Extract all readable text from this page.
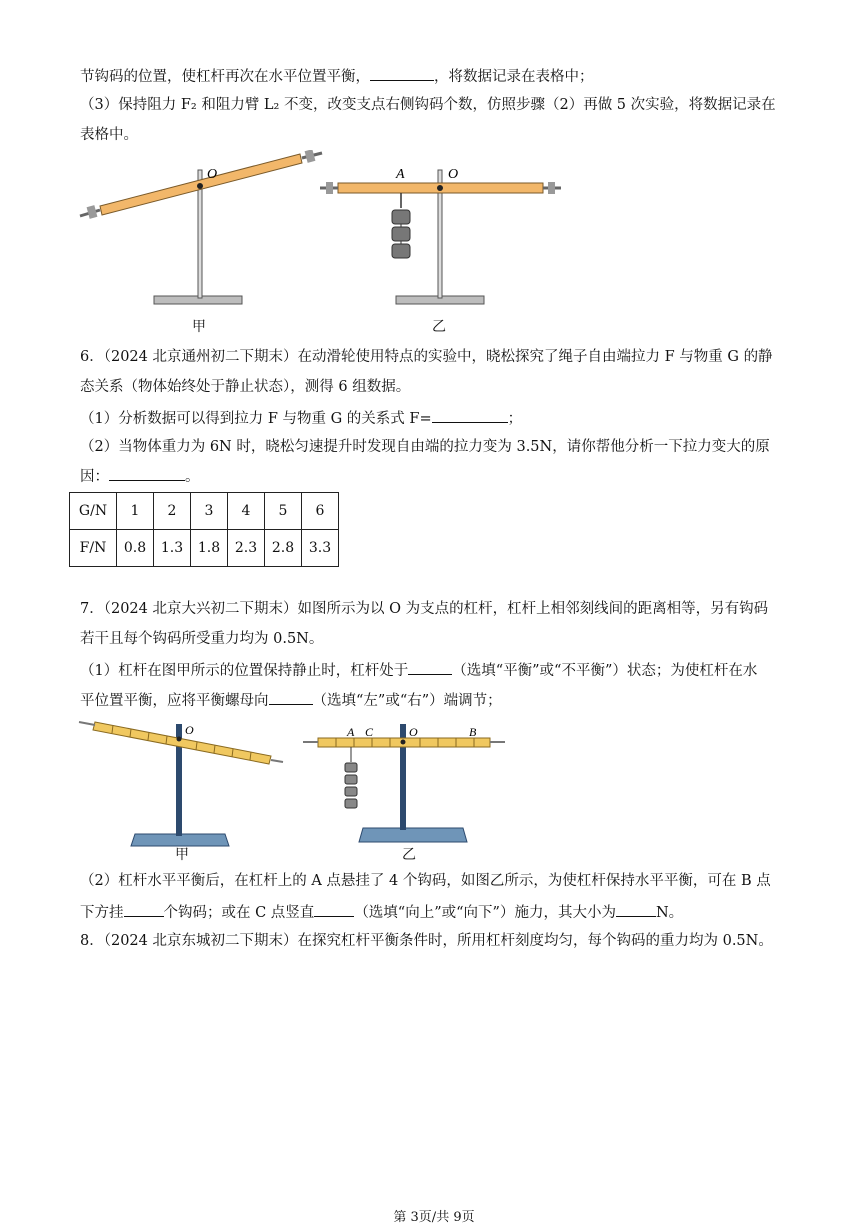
节钩码的位置，使杠杆再次在水平位置平衡，	，将数据记录在表格中；
（3）保持阻力 F₂ 和阻力臂 L₂ 不变，改变支点右侧钩码个数，仿照步骤（2）再做 5 次实验，将数据记录在
表格中。
O	O
A
甲	乙
6．（2024 北京通州初二下期末）在动滑轮使用特点的实验中，晓松探究了绳子自由端拉力 F 与物重 G 的静
态关系（物体始终处于静止状态），测得 6 组数据。
（1）分析数据可以得到拉力 F 与物重 G 的关系式 F=	；
（2）当物体重力为 6N 时，晓松匀速提升时发现自由端的拉力变为 3.5N，请你帮他分析一下拉力变大的原
因：	。
G/N	1	2	3	4	5	6
F/N	0.8	1.3	1.8	2.3	2.8	3.3
7．（2024 北京大兴初二下期末）如图所示为以 O 为支点的杠杆，杠杆上相邻刻线间的距离相等，另有钩码
若干且每个钩码所受重力均为 0.5N。
（1）杠杆在图甲所示的位置保持静止时，杠杆处于	（选填“平衡”或“不平衡”）状态；为使杠杆在水
平位置平衡，应将平衡螺母向	（选填“左”或“右”）端调节；
O	O
A C	B
甲	乙
（2）杠杆水平平衡后，在杠杆上的 A 点悬挂了 4 个钩码，如图乙所示，为使杠杆保持水平平衡，可在 B 点
下方挂	个钩码；或在 C 点竖直	（选填“向上”或“向下”）施力，其大小为	N。
8．（2024 北京东城初二下期末）在探究杠杆平衡条件时，所用杠杆刻度均匀，每个钩码的重力均为 0.5N。
第 3页/共 9页
